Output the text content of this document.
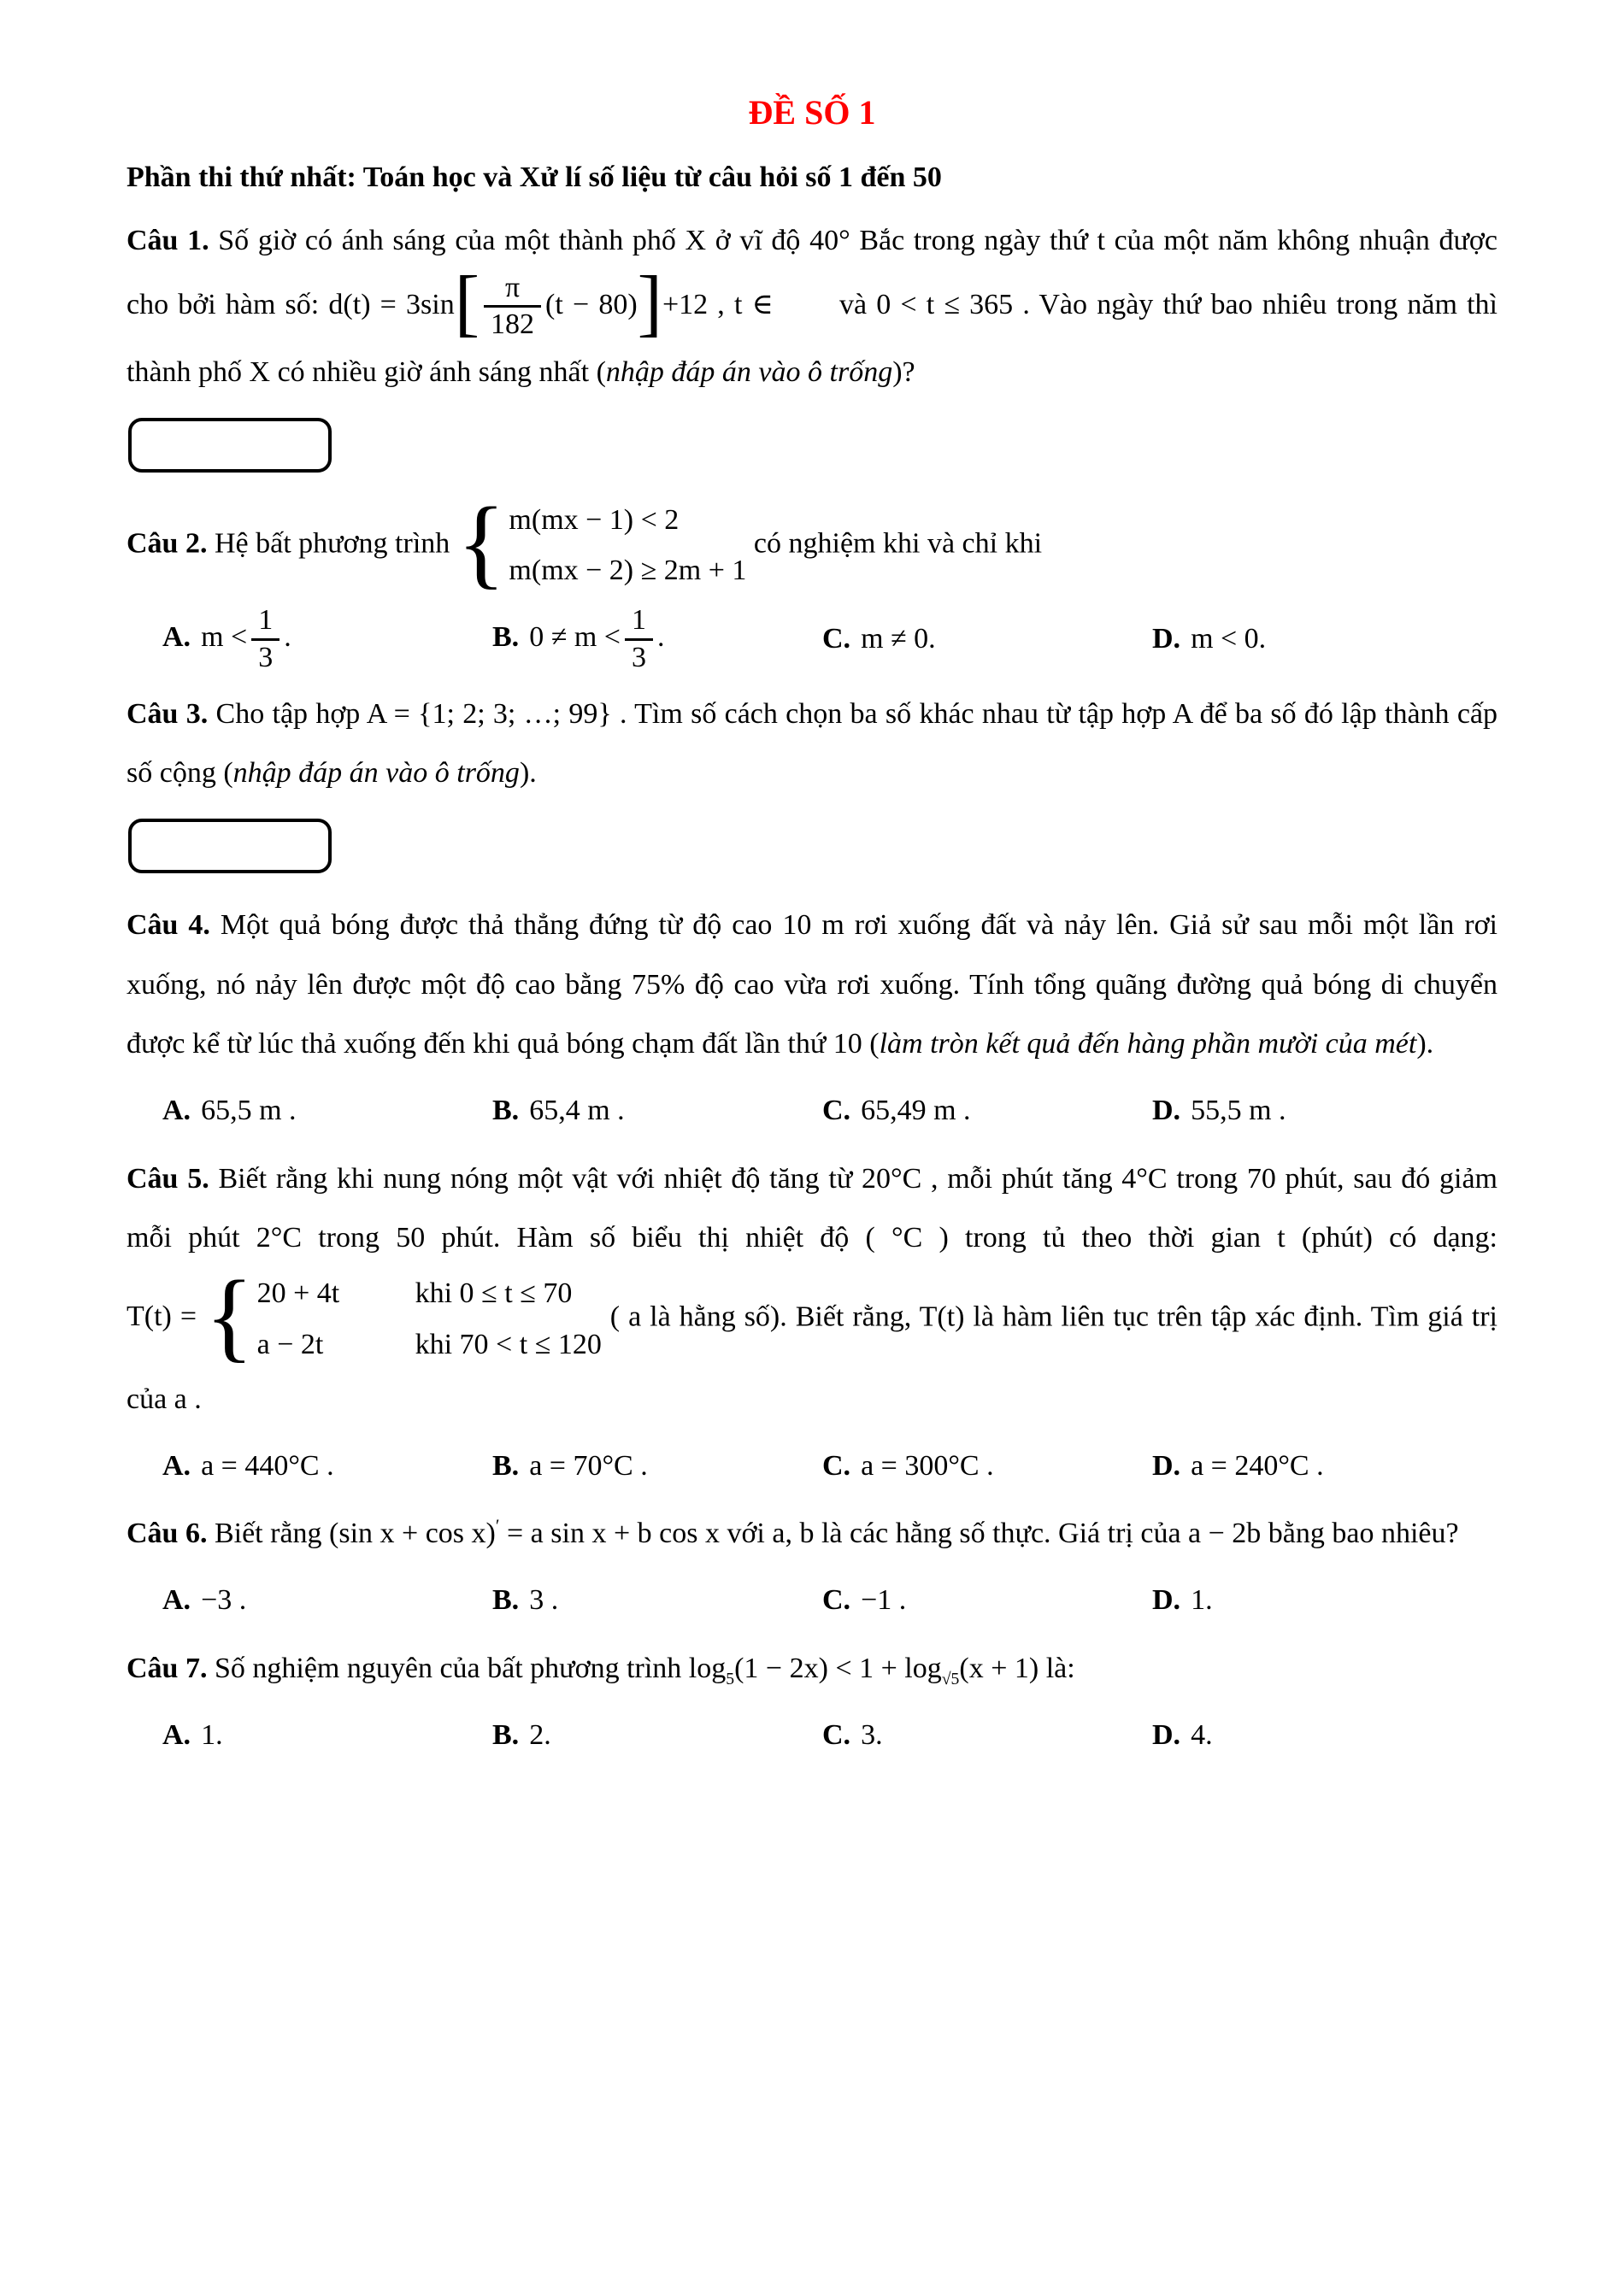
ĐỀ SỐ 1
Phần thi thứ nhất: Toán học và Xử lí số liệu từ câu hỏi số 1 đến 50

Câu 1. Số giờ có ánh sáng của một thành phố X ở vĩ độ 40° Bắc trong ngày thứ t của một năm không nhuận được cho bởi hàm số: $d(t) = 3\sin[ \frac{\pi}{182} (t - 80)]+12$ , t ∈ và 0 < t ≤ 365 . Vào ngày thứ bao nhiêu trong năm thì thành phố X có nhiều giờ ánh sáng nhất (nhập đáp án vào ô trống)?

Câu 2. Hệ bất phương trình { m(mx − 1) < 2
m(mx − 2) ≥ 2m + 1
có nghiệm khi và chỉ khi

A. $m < \frac{1}{3}$ .	B. $0 \ne m < \frac{1}{3}$ .	C. m ≠ 0.	D. m < 0.

Câu 3. Cho tập hợp A = {1; 2; 3; …; 99} . Tìm số cách chọn ba số khác nhau từ tập hợp A để ba số đó lập thành cấp số cộng (nhập đáp án vào ô trống).

Câu 4. Một quả bóng được thả thẳng đứng từ độ cao 10 m rơi xuống đất và nảy lên. Giả sử sau mỗi một lần rơi xuống, nó nảy lên được một độ cao bằng 75% độ cao vừa rơi xuống. Tính tổng quãng đường quả bóng di chuyển được kể từ lúc thả xuống đến khi quả bóng chạm đất lần thứ 10 (làm tròn kết quả đến hàng phần mười của mét).

A. 65,5 m .	B. 65,4 m .	C. 65,49 m .	D. 55,5 m .

Câu 5. Biết rằng khi nung nóng một vật với nhiệt độ tăng từ 20°C , mỗi phút tăng 4°C trong 70 phút, sau đó giảm mỗi phút 2°C trong 50 phút. Hàm số biểu thị nhiệt độ ( °C ) trong tủ theo thời gian t (phút) có dạng: T(t) = { 20 + 4t	khi 0 ≤ t ≤ 70
a − 2t	khi 70 < t ≤ 120
( a là hằng số). Biết rằng, T(t) là hàm liên tục trên tập xác định. Tìm giá trị của a .

A. a = 440°C .	B. a = 70°C .	C. a = 300°C .	D. a = 240°C .

Câu 6. Biết rằng (sin x + cos x)′ = a sin x + b cos x với a, b là các hằng số thực. Giá trị của a − 2b bằng bao nhiêu?

A. −3 .	B. 3 .	C. −1 .	D. 1.

Câu 7. Số nghiệm nguyên của bất phương trình $\log_5(1 - 2x) < 1 + \log_{√5}(x + 1)$ là:

A. 1.	B. 2.	C. 3.	D. 4.
